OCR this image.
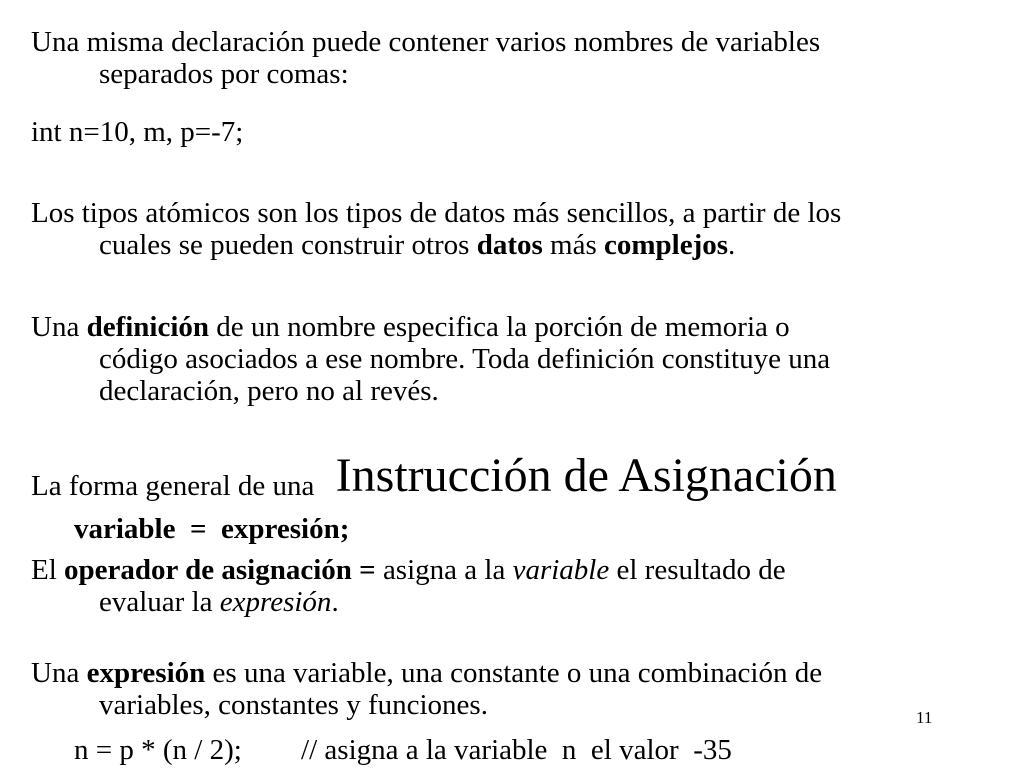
Una misma declaración puede contener varios nombres de variables
separados por comas:
int n=10, m, p=-7;
Los tipos atómicos son los tipos de datos más sencillos, a partir de los
cuales se pueden construir otros datos más complejos.
Una definición de un nombre especifica la porción de memoria o
código asociados a ese nombre. Toda definición constituye una
declaración, pero no al revés.
La forma general de una Instrucción de Asignación
variable  =  expresión;
El operador de asignación = asigna a la variable el resultado de
evaluar la expresión.
Una expresión es una variable, una constante o una combinación de
variables, constantes y funciones.
n = p * (n / 2); // asigna a la variable  n  el valor  -35
11
